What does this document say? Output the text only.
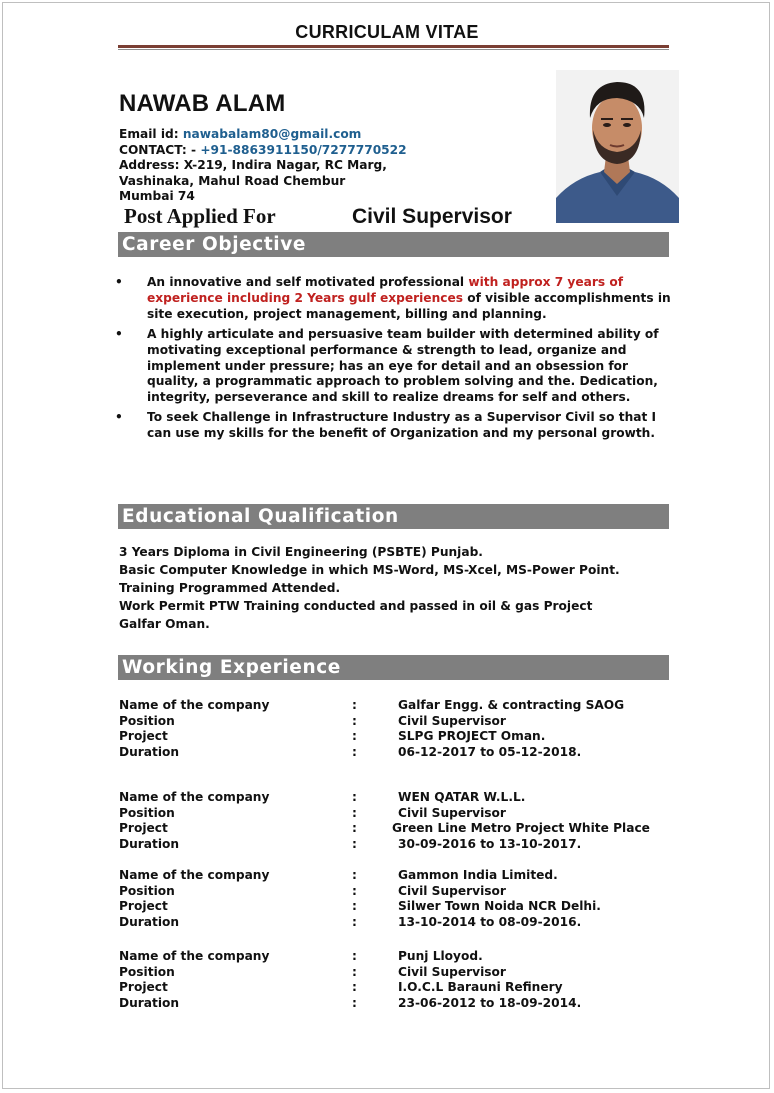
CURRICULAM VITAE
NAWAB ALAM
Email id: nawabalam80@gmail.com
CONTACT: - +91-8863911150/7277770522
Address: X-219, Indira Nagar, RC Marg,
Vashinaka, Mahul Road Chembur
Mumbai 74
Post Applied For	Civil Supervisor
Career Objective
• An innovative and self motivated professional with approx 7 years of experience including 2 Years gulf experiences of visible accomplishments in site execution, project management, billing and planning.
• A highly articulate and persuasive team builder with determined ability of motivating exceptional performance & strength to lead, organize and implement under pressure; has an eye for detail and an obsession for quality, a programmatic approach to problem solving and the. Dedication, integrity, perseverance and skill to realize dreams for self and others.
• To seek Challenge in Infrastructure Industry as a Supervisor Civil so that I can use my skills for the benefit of Organization and my personal growth.
Educational Qualification
3 Years Diploma in Civil Engineering (PSBTE) Punjab.
Basic Computer Knowledge in which MS-Word, MS-Xcel, MS-Power Point.
Training Programmed Attended.
Work Permit PTW Training conducted and passed in oil & gas Project
Galfar Oman.
Working Experience
Name of the company	:	Galfar Engg. & contracting SAOG
Position	:	Civil Supervisor
Project	:	SLPG PROJECT Oman.
Duration	:	06-12-2017 to 05-12-2018.
Name of the company	:	WEN QATAR W.L.L.
Position	:	Civil Supervisor
Project	:	Green Line Metro Project White Place
Duration	:	30-09-2016 to 13-10-2017.
Name of the company	:	Gammon India Limited.
Position	:	Civil Supervisor
Project	:	Silwer Town Noida NCR Delhi.
Duration	:	13-10-2014 to 08-09-2016.
Name of the company	:	Punj Lloyod.
Position	:	Civil Supervisor
Project	:	I.O.C.L Barauni Refinery
Duration	:	23-06-2012 to 18-09-2014.
